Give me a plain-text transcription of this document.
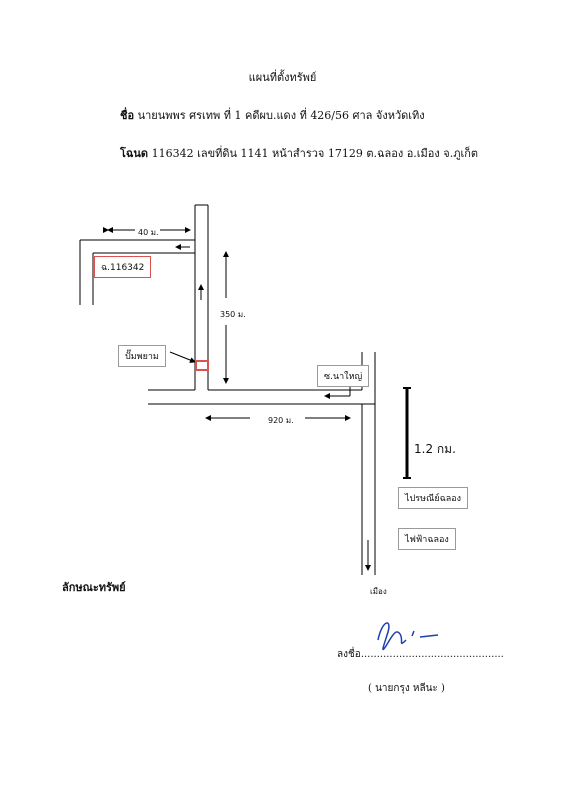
แผนที่ตั้งทรัพย์
ชื่อ นายนพพร ศรเทพ ที่ 1 คดีผบ.แดง ที่ 426/56 ศาล จังหวัดเทิง
โฉนด 116342 เลขที่ดิน 1141 หน้าสำรวจ 17129 ต.ฉลอง อ.เมือง จ.ภูเก็ต
40 ม.
350 ม.
920 ม.
ฉ.116342
ปั๊มพยาม
ซ.นาใหญ่
ไปรษณีย์ฉลอง
ไฟฟ้าฉลอง
1.2 กม.
เมือง
ลักษณะทรัพย์
ลงชื่อ.............................................
( นายกรุง หลีนะ )
